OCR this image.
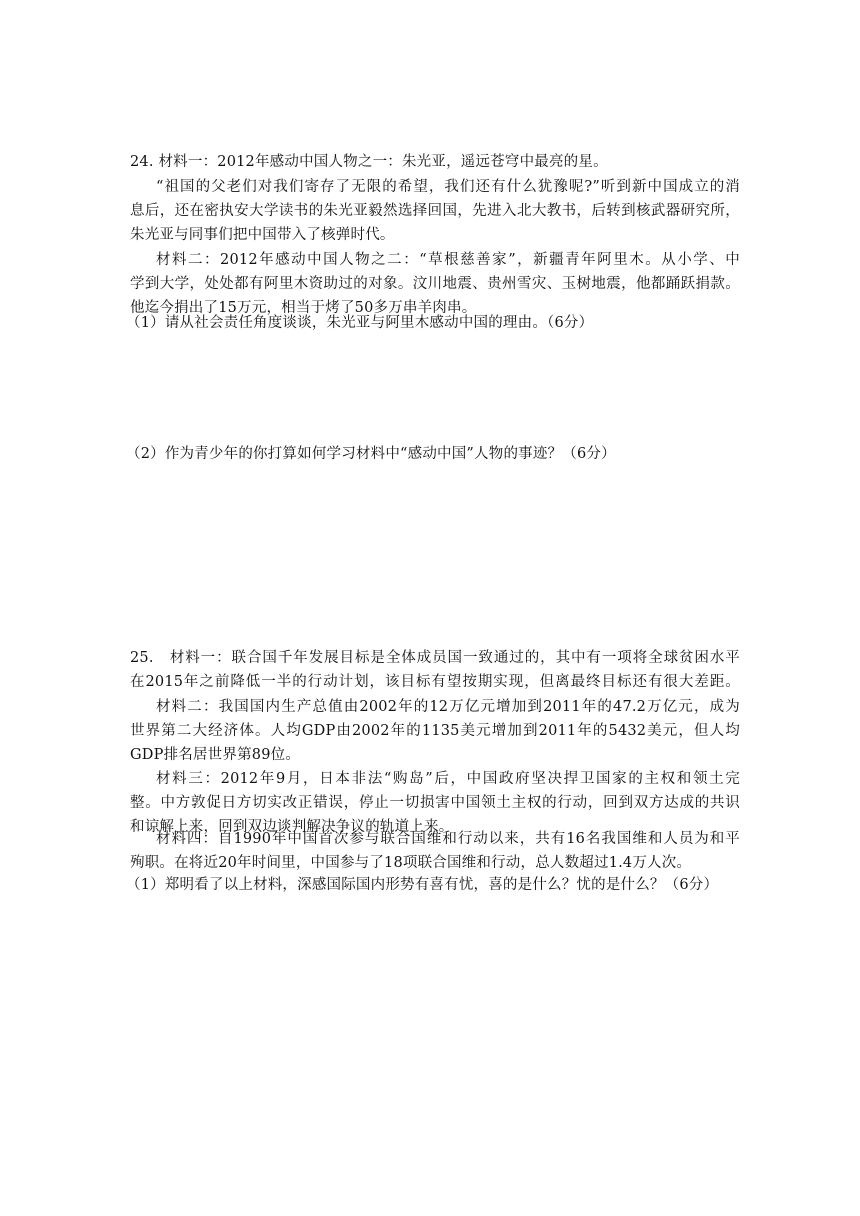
24. 材料一：2012年感动中国人物之一：朱光亚，遥远苍穹中最亮的星。
“祖国的父老们对我们寄存了无限的希望，我们还有什么犹豫呢?”听到新中国成立的消
息后，还在密执安大学读书的朱光亚毅然选择回国，先进入北大教书，后转到核武器研究所，
朱光亚与同事们把中国带入了核弹时代。
材料二：2012年感动中国人物之二：“草根慈善家”，新疆青年阿里木。从小学、中
学到大学，处处都有阿里木资助过的对象。汶川地震、贵州雪灾、玉树地震，他都踊跃捐款。
他迄今捐出了15万元，相当于烤了50多万串羊肉串。
（1）请从社会责任角度谈谈，朱光亚与阿里木感动中国的理由。（6分）
（2）作为青少年的你打算如何学习材料中“感动中国”人物的事迹？（6分）
25.　材料一：联合国千年发展目标是全体成员国一致通过的，其中有一项将全球贫困水平
在2015年之前降低一半的行动计划，该目标有望按期实现，但离最终目标还有很大差距。
材料二：我国国内生产总值由2002年的12万亿元增加到2011年的47.2万亿元，成为
世界第二大经济体。人均GDP由2002年的1135美元增加到2011年的5432美元，但人均
GDP排名居世界第89位。
材料三：2012年9月，日本非法“购岛”后，中国政府坚决捍卫国家的主权和领土完
整。中方敦促日方切实改正错误，停止一切损害中国领土主权的行动，回到双方达成的共识
和谅解上来，回到双边谈判解决争议的轨道上来。
材料四：自1990年中国首次参与联合国维和行动以来，共有16名我国维和人员为和平
殉职。在将近20年时间里，中国参与了18项联合国维和行动，总人数超过1.4万人次。
（1）郑明看了以上材料，深感国际国内形势有喜有忧，喜的是什么？忧的是什么？（6分）
